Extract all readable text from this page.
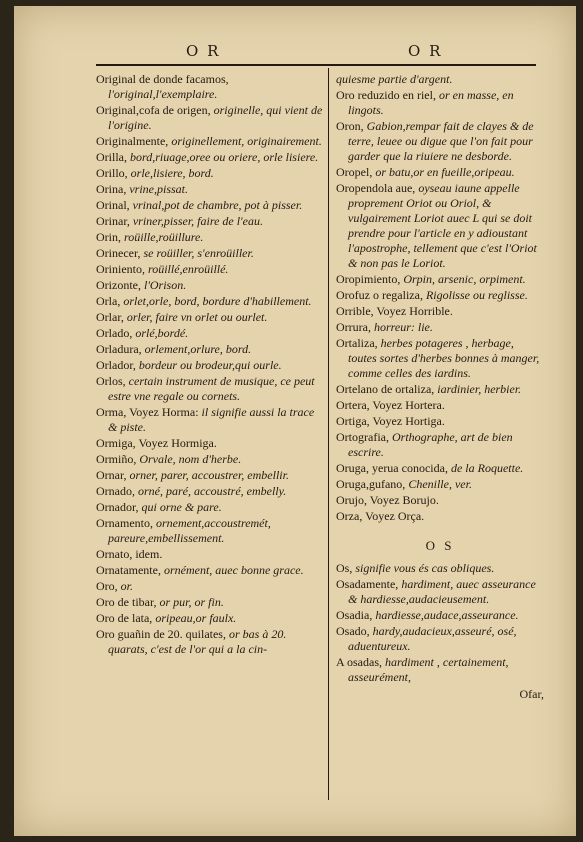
O R	O R
Original de donde facamos, l'original,l'exemplaire.
Original,cofa de origen, originelle, qui vient de l'origine.
Originalmente, originellement, originairement.
Orilla, bord,riuage,oree ou oriere, orle lisiere.
Orillo, orle,lisiere, bord.
Orina, vrine,pissat.
Orinal, vrinal,pot de chambre, pot à pisser.
Orinar, vriner,pisser, faire de l'eau.
Orin, roüille,roüillure.
Orinecer, se roüiller, s'enroüiller.
Oriniento, roüillé,enroüillé.
Orizonte, l'Orison.
Orla, orlet,orle, bord, bordure d'habillement.
Orlar, orler, faire vn orlet ou ourlet.
Orlado, orlé,bordé.
Orladura, orlement,orlure, bord.
Orlador, bordeur ou brodeur,qui ourle.
Orlos, certain instrument de musique, ce peut estre vne regale ou cornets.
Orma, Voyez Horma: il signifie aussi la trace & piste.
Ormiga, Voyez Hormiga.
Ormiño, Orvale, nom d'herbe.
Ornar, orner, parer, accoustrer, embellir.
Ornado, orné, paré, accoustré, embelly.
Ornador, qui orne & pare.
Ornamento, ornement,accoustremét, pareure,embellissement.
Ornato, idem.
Ornatamente, ornément, auec bonne grace.
Oro, or.
Oro de tibar, or pur, or fin.
Oro de lata, oripeau,or faulx.
Oro guañin de 20. quilates, or bas à 20. quarats, c'est de l'or qui a la cin-
quiesme partie d'argent.
Oro reduzido en riel, or en masse, en lingots.
Oron, Gabion,rempar fait de clayes & de terre, leuee ou digue que l'on fait pour garder que la riuiere ne desborde.
Oropel, or batu,or en fueille,oripeau.
Oropendola aue, oyseau iaune appelle proprement Oriot ou Oriol, & vulgairement Loriot auec L qui se doit prendre pour l'article en y adioustant l'apostrophe, tellement que c'est l'Oriot & non pas le Loriot.
Oropimiento, Orpin, arsenic, orpiment.
Orofuz o regaliza, Rigolisse ou reglisse.
Orrible, Voyez Horrible.
Orrura, horreur: lie.
Ortaliza, herbes potageres , herbage, toutes sortes d'herbes bonnes à manger, comme celles des iardins.
Ortelano de ortaliza, iardinier, herbier.
Ortera, Voyez Hortera.
Ortiga, Voyez Hortiga.
Ortografia, Orthographe, art de bien escrire.
Oruga, yerua conocida, de la Roquette.
Oruga,gufano, Chenille, ver.
Orujo, Voyez Borujo.
Orza, Voyez Orça.
O S
Os, signifie vous és cas obliques.
Osadamente, hardiment, auec asseurance & hardiesse,audacieusement.
Osadia, hardiesse,audace,asseurance.
Osado, hardy,audacieux,asseuré, osé, aduentureux.
A osadas, hardiment , certainement, asseurément,
Ofar,
